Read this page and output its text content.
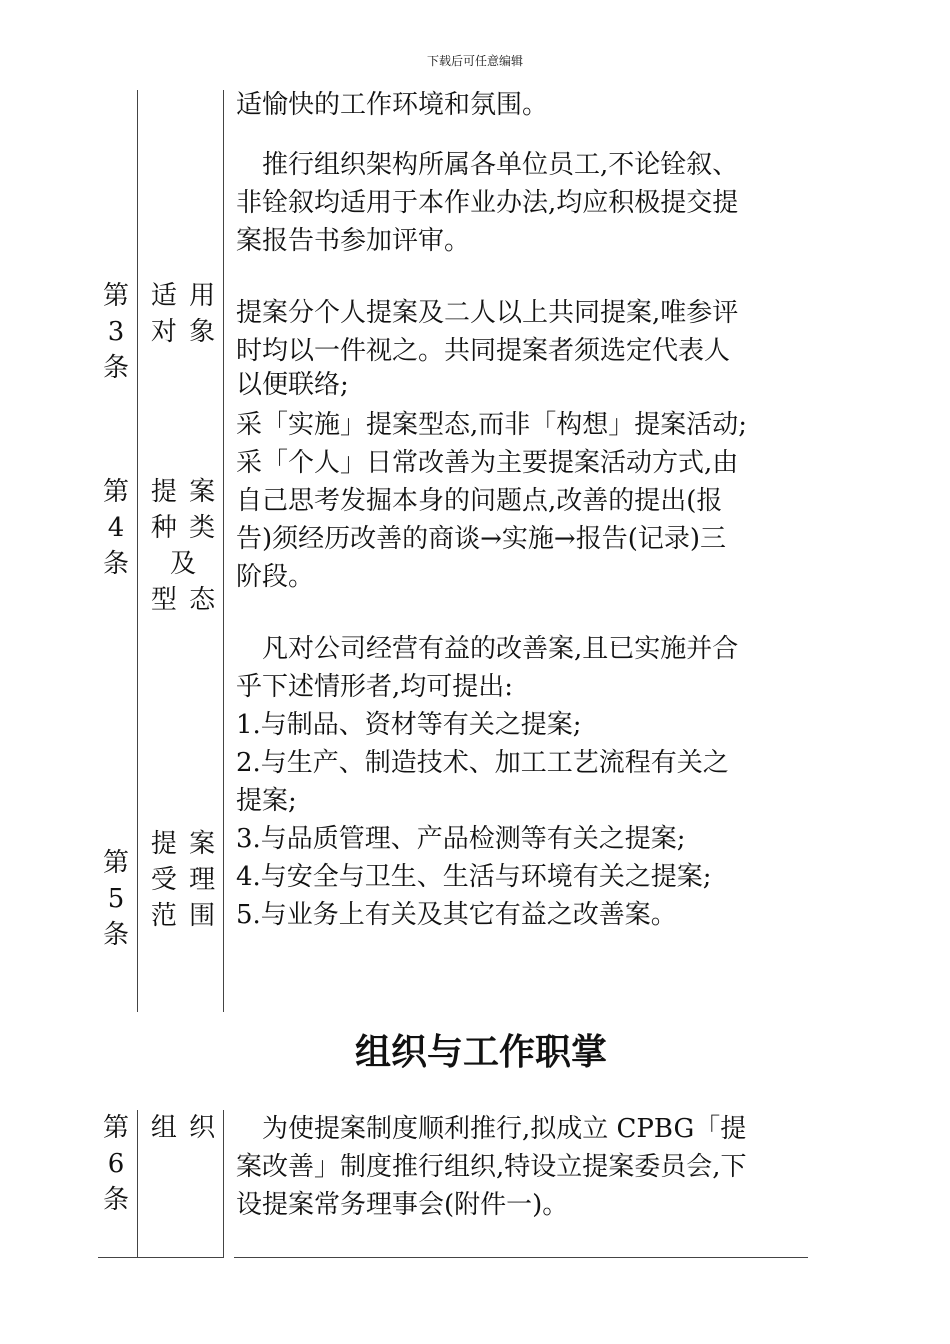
下载后可任意编辑
第
3
条
适 用
对 象
第
4
条
提 案
种 类
及
型 态
第
5
条
提 案
受 理
范 围
适愉快的工作环境和氛围。
　推行组织架构所属各单位员工,不论铨叙、
非铨叙均适用于本作业办法,均应积极提交提
案报告书参加评审。
提案分个人提案及二人以上共同提案,唯参评
时均以一件视之。共同提案者须选定代表人
以便联络;
采「实施」提案型态,而非「构想」提案活动;
采「个人」日常改善为主要提案活动方式,由
自己思考发掘本身的问题点,改善的提出(报
告)须经历改善的商谈→实施→报告(记录)三
阶段。
　凡对公司经营有益的改善案,且已实施并合
乎下述情形者,均可提出:
1.与制品、资材等有关之提案;
2.与生产、制造技术、加工工艺流程有关之
提案;
3.与品质管理、产品检测等有关之提案;
4.与安全与卫生、生活与环境有关之提案;
5.与业务上有关及其它有益之改善案。
组织与工作职掌
第
6
条
组 织 　为使提案制度顺利推行,拟成立 CPBG「提
案改善」制度推行组织,特设立提案委员会,下
设提案常务理事会(附件一)。
